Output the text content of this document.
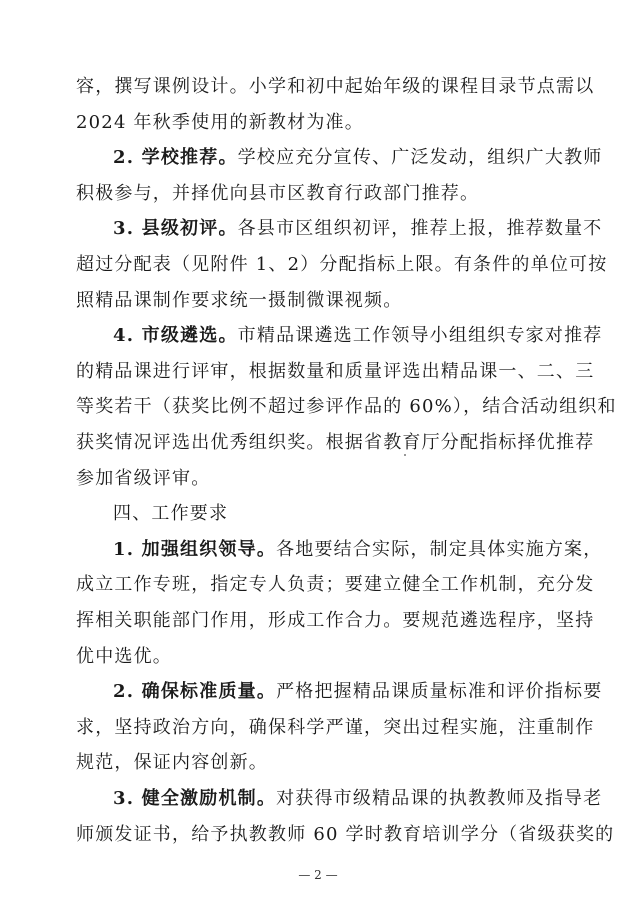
容，撰写课例设计。小学和初中起始年级的课程目录节点需以
2024 年秋季使用的新教材为准。
2. 学校推荐。学校应充分宣传、广泛发动，组织广大教师
积极参与，并择优向县市区教育行政部门推荐。
3. 县级初评。各县市区组织初评，推荐上报，推荐数量不
超过分配表（见附件 1、2）分配指标上限。有条件的单位可按
照精品课制作要求统一摄制微课视频。
4. 市级遴选。市精品课遴选工作领导小组组织专家对推荐
的精品课进行评审，根据数量和质量评选出精品课一、二、三
等奖若干（获奖比例不超过参评作品的 60%），结合活动组织和
获奖情况评选出优秀组织奖。根据省教育厅分配指标择优推荐
参加省级评审。
四、工作要求
1. 加强组织领导。各地要结合实际，制定具体实施方案，
成立工作专班，指定专人负责；要建立健全工作机制，充分发
挥相关职能部门作用，形成工作合力。要规范遴选程序，坚持
优中选优。
2. 确保标准质量。严格把握精品课质量标准和评价指标要
求，坚持政治方向，确保科学严谨，突出过程实施，注重制作
规范，保证内容创新。
— 2 —
3. 健全激励机制。对获得市级精品课的执教教师及指导老
师颁发证书，给予执教教师 60 学时教育培训学分（省级获奖的
